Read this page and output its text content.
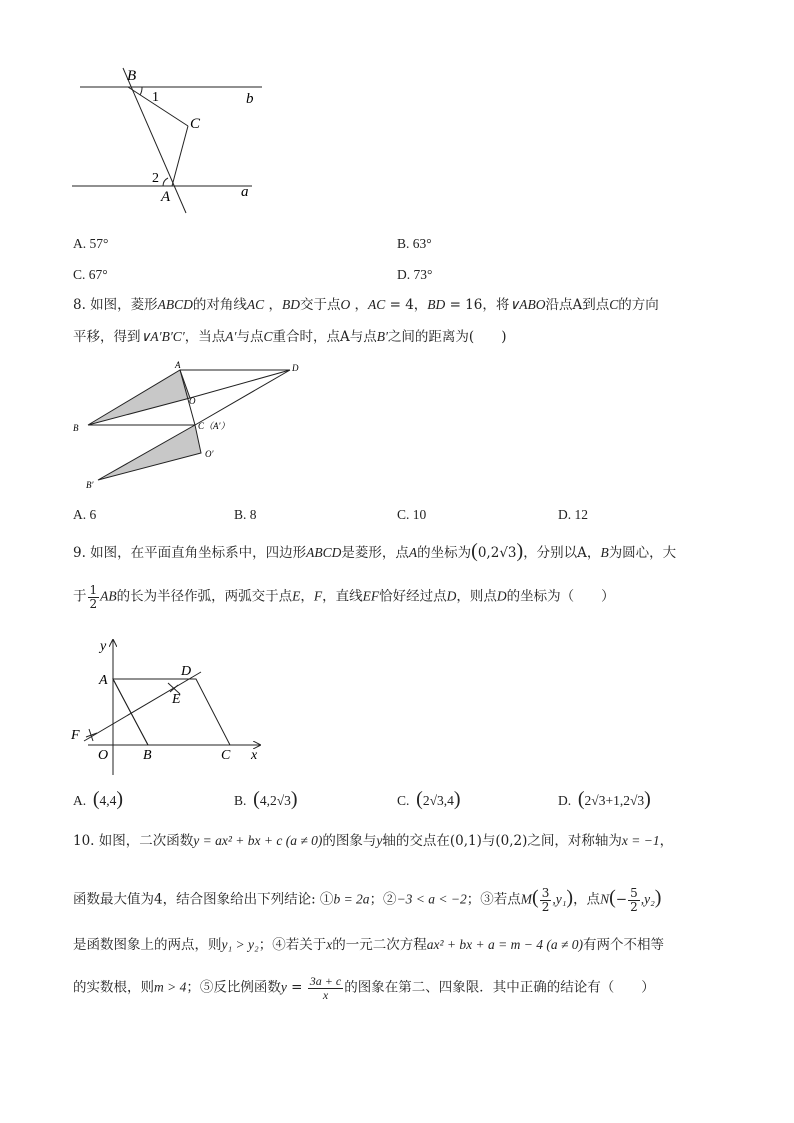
B
1	b
C
2
A	a
A. 57°	B. 63°
C. 67°	D. 73°
8. 如图，菱形ABCD的对角线AC ，BD交于点O ，AC = 4，BD = 16，将∨ABO沿点A到点C的方向
平移，得到∨A′B′C′，当点A′与点C重合时，点A与点B′之间的距离为(　　)
A	D
O
B	C（A′）
O′
B′
A. 6	B. 8	C. 10	D. 12
9. 如图，在平面直角坐标系中，四边形ABCD是菱形，点A的坐标为(0,2√3)，分别以A，B为圆心，大
于 $\frac{1}{2}$ AB的长为半径作弧，两弧交于点E，F，直线EF恰好经过点D，则点D的坐标为（　　）
y
A
D
E
F
O B	C x
A. (4,4)	B. (4,2√3)	C. (2√3,4)	D. (2√3+1,2√3)
10. 如图，二次函数y = ax² + bx + c (a ≠ 0)的图象与y轴的交点在(0,1)与(0,2)之间，对称轴为x = −1，
函数最大值为4，结合图象给出下列结论: ①b = 2a；②−3 < a < −2；③若点$M( \frac{3}{2} ,y_1)$，点$N(- \frac{5}{2} ,y_2)$
是函数图象上的两点，则y₁ > y₂；④若关于x的一元二次方程ax² + bx + a = m − 4 (a ≠ 0)有两个不相等
的实数根，则m > 4；⑤反比例函数$y = \frac{3a + c}{x}$ 的图象在第二、四象限．其中正确的结论有（　　）
